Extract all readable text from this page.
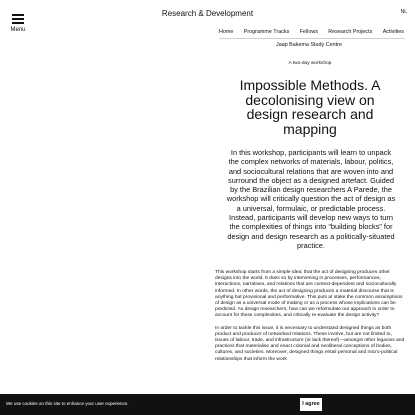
Menu
Research & Development	NL
Home Programme Tracks Fellows Research Projects Activities
Jaap Bakema Study Centre
A two-day workshop
Impossible Methods. A decolonising view on design research and mapping

In this workshop, participants will learn to unpack the complex networks of materials, labour, politics, and sociocultural relations that are woven into and surround the object as a designed artefact. Guided by the Brazilian design researchers A Parede, the workshop will critically question the act of design as a universal, formulaic, or predictable process. Instead, participants will develop new ways to turn the complexities of things into “building blocks” for design and design research as a politically-situated practice.

This workshop starts from a simple idea: that the act of designing produces other designs into the world. It does so by intervening in processes, performances, interactions, narratives, and relations that are context-dependent and socioculturally informed. In other words, the act of designing produces a material discourse that is anything but provisional and performative. This puts at stake the common assumptions of design as a universal mode of making or as a process whose implications can be predicted. As design researchers, how can we reformulate our approach in order to account for these complexities, and critically re-evaluate the design activity?

In order to tackle this issue, it is necessary to understand designed things as both product and producer of networked relations. These involve, but are not limited to, issues of labour, trade, and infrastructure (or lack thereof)—amongst other legacies and practices that materialise and enact colonial and neoliberal conceptions of bodies, cultures, and societies. Moreover, designed things entail personal and micro-political relationships that inform the work

We use cookies on this site to enhance your user experience.	I agree
